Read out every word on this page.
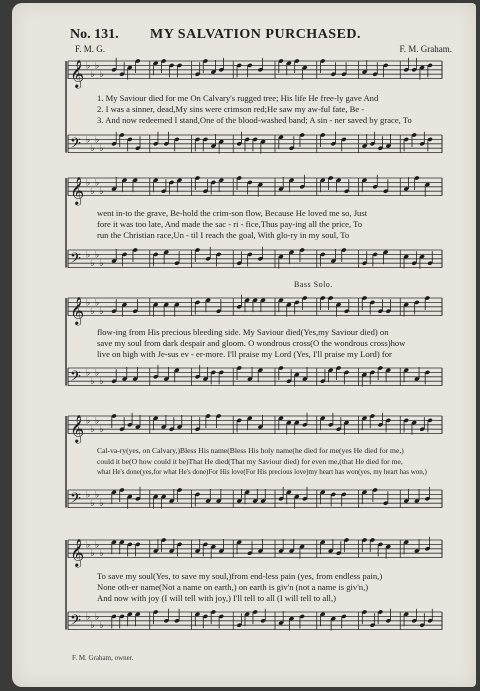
No. 131. MY SALVATION PURCHASED.
F. M. G.	F. M. Graham.
Bass Solo.
1. My Saviour died for me On Calvary's rugged tree; His life He free-ly gave And
2. I was a sinner, dead,My sins were crimson red;He saw my aw-ful fate, Be -
3. And now redeemed I stand,One of the blood-washed band; A sin - ner saved by grace, To
went in-to the grave, Be-hold the crim-son flow, Because He loved me so, Just
fore it was too late, And made the sac - ri - fice,Thus pay-ing all the price, To
run the Christian race,Un - til I reach the goal, With glo-ry in my soul, To
flow-ing from His precious bleeding side. My Saviour died(Yes,my Saviour died) on
save my soul from dark despair and gloom. O wondrous cross(O the wondrous cross)how
live on high with Je-sus ev - er-more. I'll praise my Lord (Yes, I'll praise my Lord) for
Cal-va-ry(yes, on Calvary,)Bless His name(Bless His holy name(he died for me(yes He died for me,)
could it be(O how could it be)That He died(That my Saviour died) for even me,(that He died for me,
what He's done(yes,for what He's done)For His love(For His precious love)my heart has won(yes, my heart has won,)
To save my soul(Yes, to save my soul,)from end-less pain (yes, from endless pain,)
None oth-er name(Not a name on earth,) on earth is giv'n (not a name is giv'n,)
And now with joy (I will tell with joy,) I'll tell to all (I will tell to all,)
F. M. Graham, owner.
𝄞 ♭
♭
♭
♭
𝄢 ♭
♭
♭
♭
𝄞 ♭
♭
♭
♭
𝄢 ♭
♭
♭
♭
𝄞 ♭
♭
♭
♭
𝄢 ♭
♭
♭
♭
𝄞 ♭
♭
♭
♭
𝄢 ♭
♭
♭
♭
𝄞 ♭
♭
♭
♭
𝄢 ♭
♭
♭
♭
